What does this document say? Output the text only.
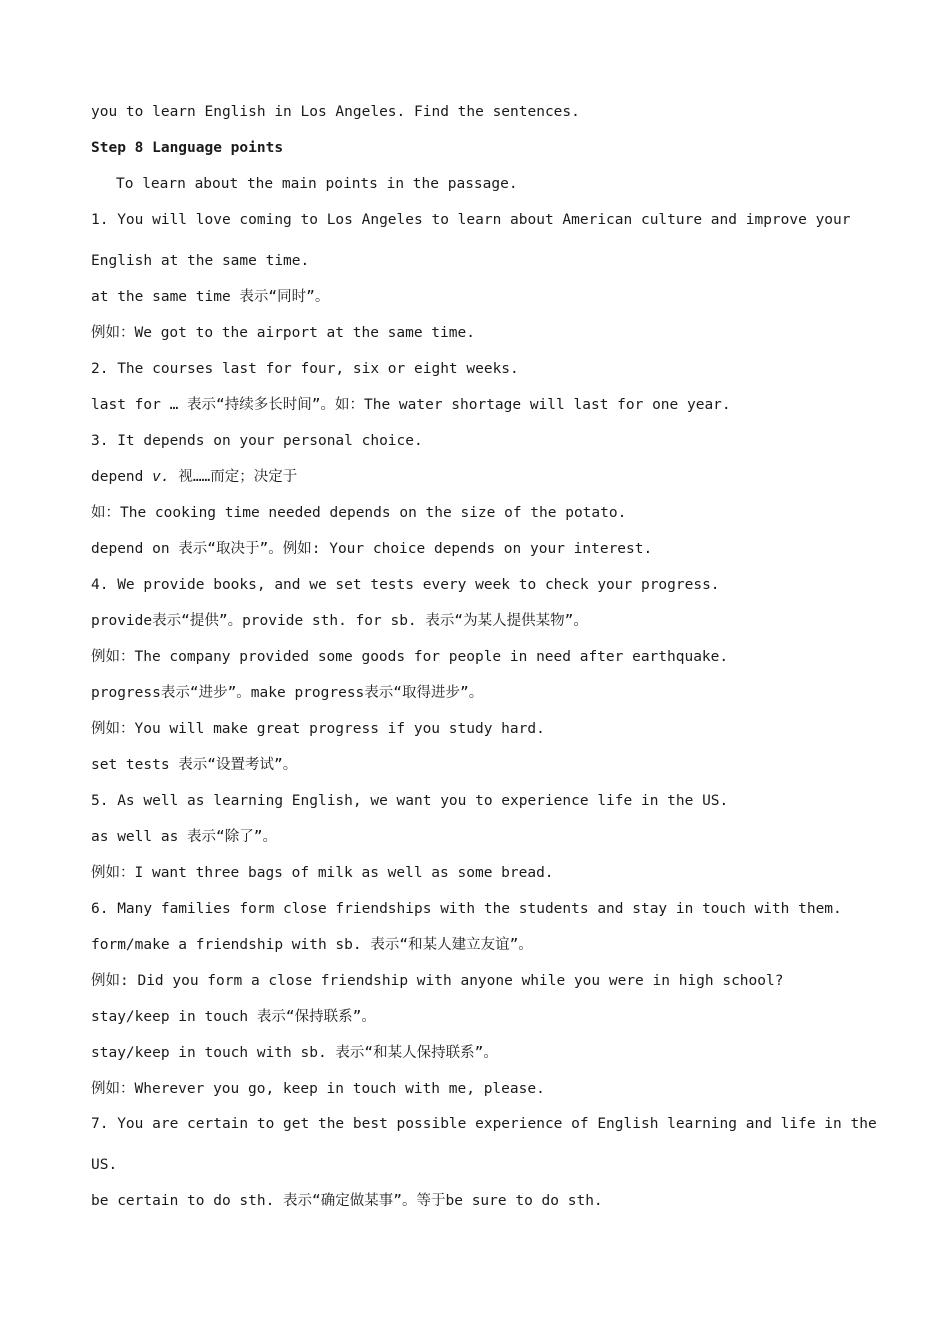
you to learn English in Los Angeles. Find the sentences.
Step 8 Language points
To learn about the main points in the passage.
1. You will love coming to Los Angeles to learn about American culture and improve your
English at the same time.
at the same time 表示“同时”。
例如：We got to the airport at the same time.
2. The courses last for four, six or eight weeks.
last for … 表示“持续多长时间”。如：The water shortage will last for one year.
3. It depends on your personal choice.
depend v. 视……而定；决定于
如：The cooking time needed depends on the size of the potato.
depend on 表示“取决于”。例如: Your choice depends on your interest.
4. We provide books, and we set tests every week to check your progress.
provide表示“提供”。provide sth. for sb. 表示“为某人提供某物”。
例如：The company provided some goods for people in need after earthquake.
progress表示“进步”。make progress表示“取得进步”。
例如：You will make great progress if you study hard.
set tests 表示“设置考试”。
5. As well as learning English, we want you to experience life in the US.
as well as 表示“除了”。
例如：I want three bags of milk as well as some bread.
6. Many families form close friendships with the students and stay in touch with them.
form/make a friendship with sb. 表示“和某人建立友谊”。
例如: Did you form a close friendship with anyone while you were in high school?
stay/keep in touch 表示“保持联系”。
stay/keep in touch with sb. 表示“和某人保持联系”。
例如：Wherever you go, keep in touch with me, please.
7. You are certain to get the best possible experience of English learning and life in the
US.
be certain to do sth. 表示“确定做某事”。等于be sure to do sth.
